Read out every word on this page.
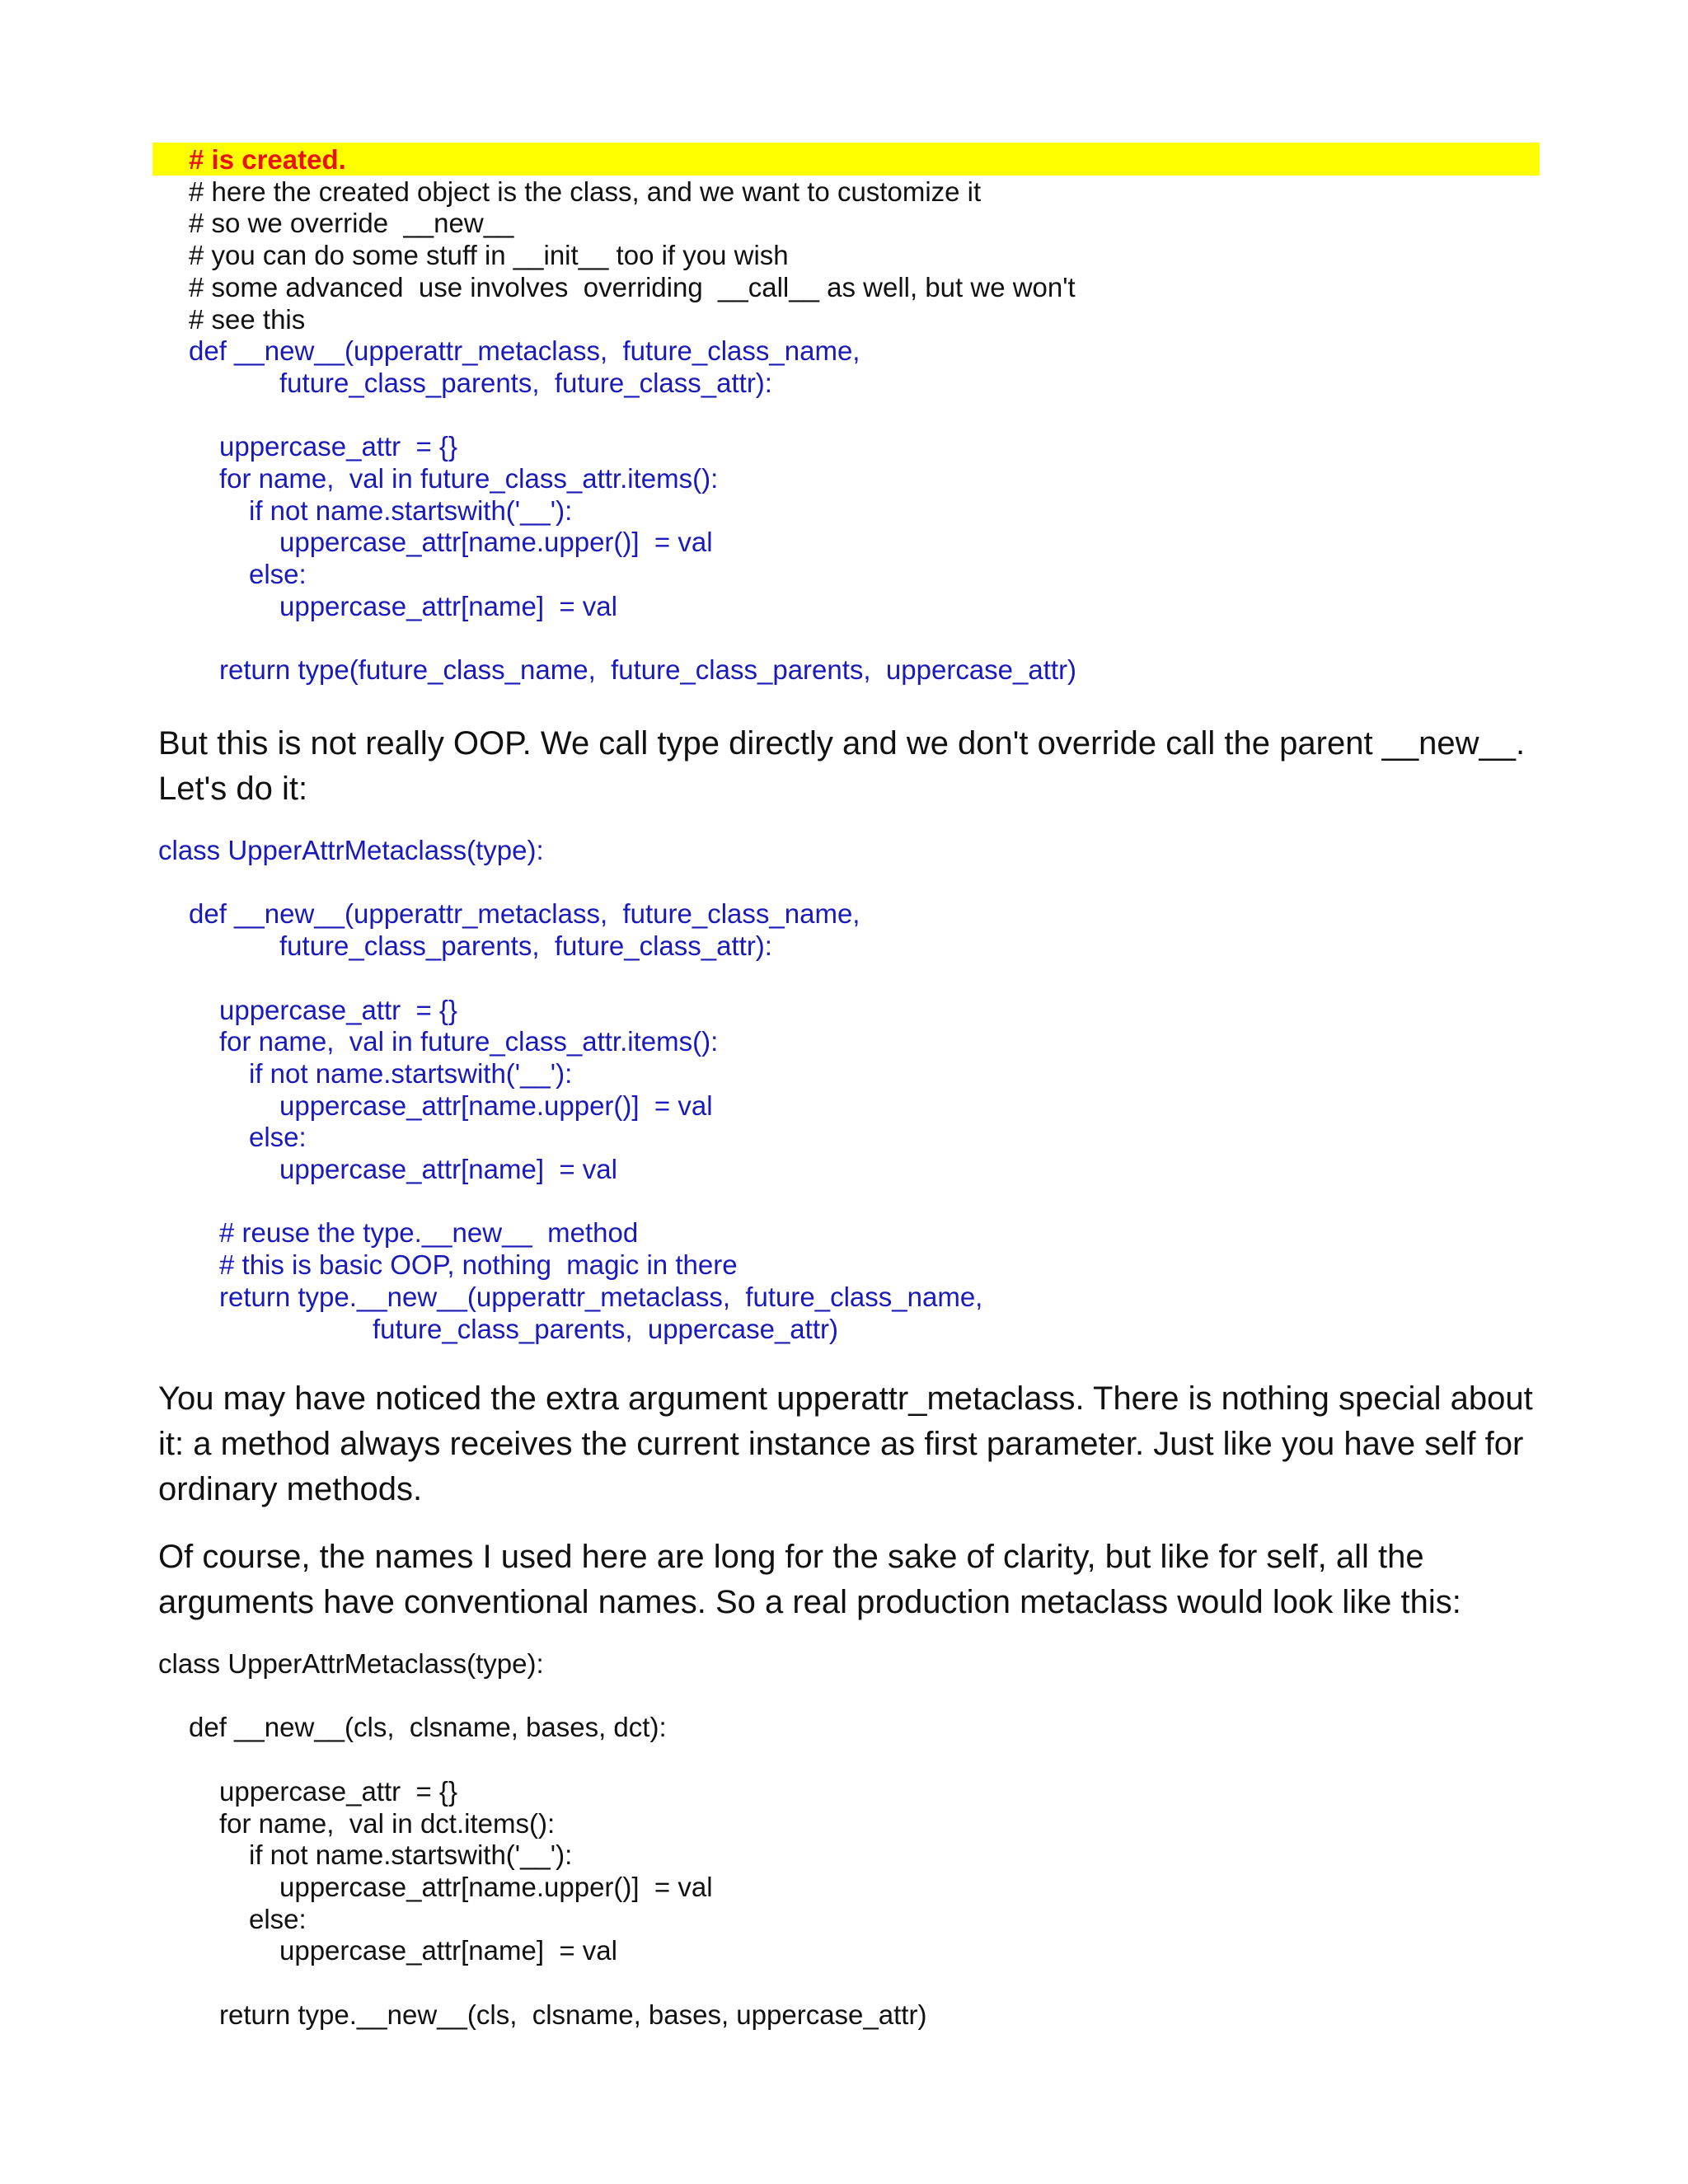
# is created.
# here the created object is the class, and we want to customize it
# so we override  __new__
# you can do some stuff in __init__ too if you wish
# some advanced  use involves  overriding  __call__ as well, but we won't
# see this
def __new__(upperattr_metaclass,  future_class_name,
future_class_parents,  future_class_attr):
uppercase_attr  = {}
for name,  val in future_class_attr.items():
if not name.startswith('__'):
uppercase_attr[name.upper()]  = val
else:
uppercase_attr[name]  = val
return type(future_class_name,  future_class_parents,  uppercase_attr)

But this is not really OOP. We call type directly and we don't override call the parent __new__. Let's do it:

class UpperAttrMetaclass(type):
def __new__(upperattr_metaclass,  future_class_name,
future_class_parents,  future_class_attr):
uppercase_attr  = {}
for name,  val in future_class_attr.items():
if not name.startswith('__'):
uppercase_attr[name.upper()]  = val
else:
uppercase_attr[name]  = val
# reuse the type.__new__  method
# this is basic OOP, nothing  magic in there
return type.__new__(upperattr_metaclass,  future_class_name,
future_class_parents,  uppercase_attr)

You may have noticed the extra argument upperattr_metaclass. There is nothing special about it: a method always receives the current instance as first parameter. Just like you have self for ordinary methods.

Of course, the names I used here are long for the sake of clarity, but like for self, all the arguments have conventional names. So a real production metaclass would look like this:

class UpperAttrMetaclass(type):
def __new__(cls,  clsname, bases, dct):
uppercase_attr  = {}
for name,  val in dct.items():
if not name.startswith('__'):
uppercase_attr[name.upper()]  = val
else:
uppercase_attr[name]  = val
return type.__new__(cls,  clsname, bases, uppercase_attr)
